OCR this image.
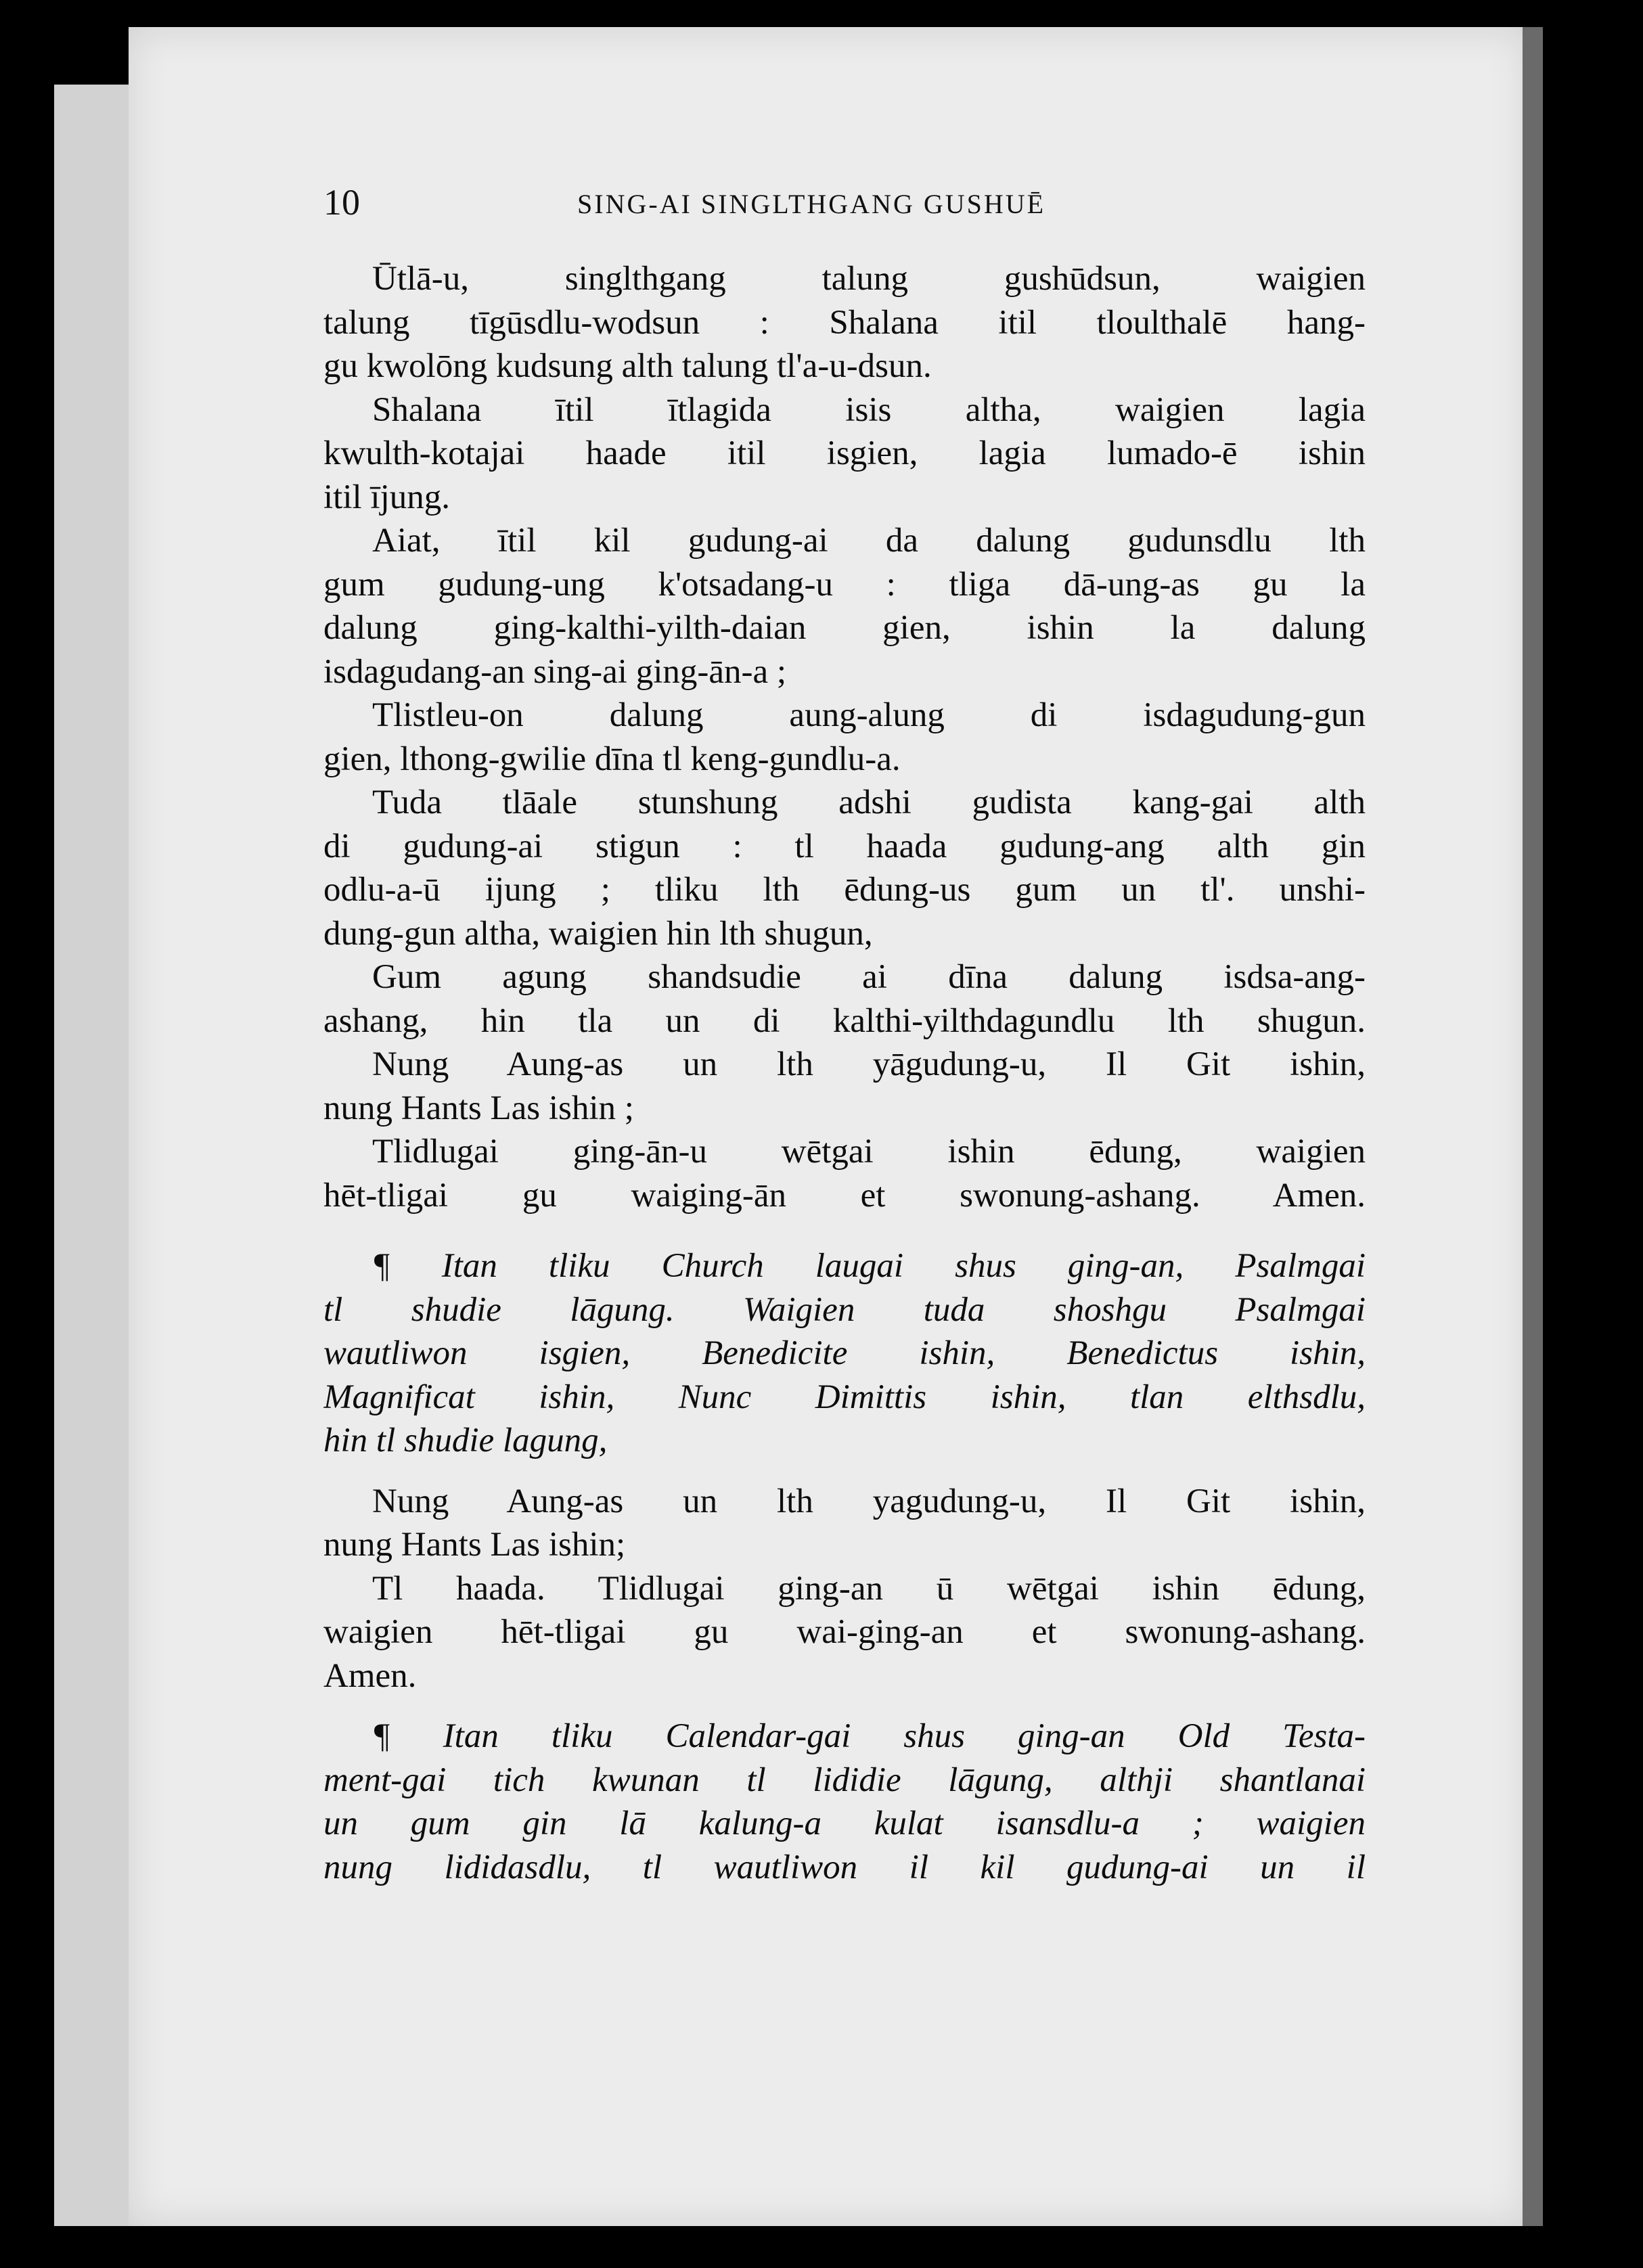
10	SING-AI SINGLTHGANG GUSHUĒ
Ūtlā-u, singlthgang talung gushūdsun, waigien
talung tīgūsdlu-wodsun : Shalana itil tloulthalē hang-
gu kwolōng kudsung alth talung tl'a-u-dsun.
Shalana ītil ītlagida isis altha, waigien lagia
kwulth-kotajai haade itil isgien, lagia lumado-ē ishin
itil īјung.
Aiat, ītil kil gudung-ai da dalung gudunsdlu lth
gum gudung-ung k'otsadang-u : tliga dā-ung-as gu la
dalung ging-kalthi-yilth-daian gien, ishin la dalung
isdagudang-an sing-ai ging-ān-a ;
Tlistleu-on dalung aung-alung di isdagudung-gun
gien, lthong-gwilie dīna tl keng-gundlu-a.
Tuda tlāale stunshung adshi gudista kang-gai alth
di gudung-ai stigun : tl haada gudung-ang alth gin
odlu-a-ū ijung ; tliku lth ēdung-us gum un tl'. unshi-
dung-gun altha, waigien hin lth shugun,
Gum agung shandsudie ai dīna dalung isdsa-ang-
ashang, hin tla un di kalthi-yilthdagundlu lth shugun.
Nung Aung-as un lth yāgudung-u, Il Git ishin,
nung Hants Las ishin ;
Tlidlugai ging-ān-u wētgai ishin ēdung, waigien
hēt-tligai gu waiging-ān et swonung-ashang. Amen.
¶ Itan tliku Church laugai shus ging-an, Psalmgai
tl shudie lāgung. Waigien tuda shoshgu Psalmgai
wautliwon isgien, Benedicite ishin, Benedictus ishin,
Magnificat ishin, Nunc Dimittis ishin, tlan elthsdlu,
hin tl shudie lagung,
Nung Aung-as un lth yagudung-u, Il Git ishin,
nung Hants Las ishin;
Tl haada. Tlidlugai ging-an ū wētgai ishin ēdung,
waigien hēt-tligai gu wai-ging-an et swonung-ashang.
Amen.
¶ Itan tliku Calendar-gai shus ging-an Old Testa-
ment-gai tich kwunan tl lididie lāgung, althji shantlanai
un gum gin lā kalung-a kulat isansdlu-a ; waigien
nung lididasdlu, tl wautliwon il kil gudung-ai un il
